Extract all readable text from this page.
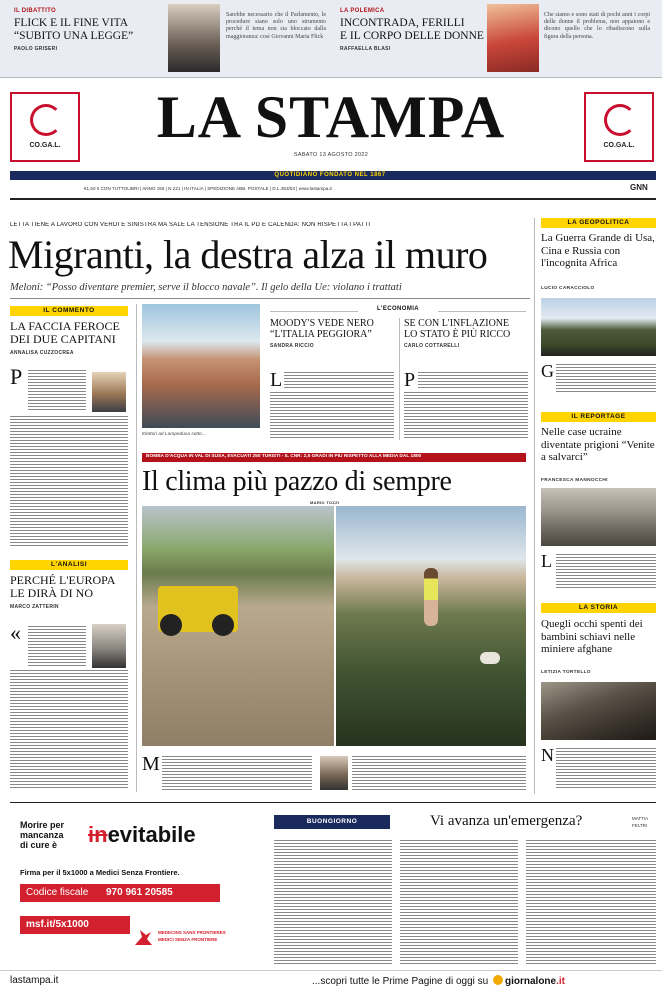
IL DIBATTITO
FLICK E IL FINE VITA
“SUBITO UNA LEGGE”
PAOLO GRISERI
Sarebbe necessario che il Parlamento, le procedure siano solo uno strumento perché il tema non sia bloccato dalla maggioranza: così Giovanni Maria Flick
LA POLEMICA
INCONTRADA, FERILLI
E IL CORPO DELLE DONNE
RAFFAELLA BLASI
Che siamo e sono stati di pochi anni i corpi delle donne il problema, non appaiono e dicono quello che lo ribadiscono sulla figura della persona.
CO.GA.L.	CO.GA.L.
LA STAMPA
SABATO 13 AGOSTO 2022
QUOTIDIANO FONDATO NEL 1867
€1,50 II CON TUTTOLIBRI | ANNO 156 | N.221 | IN ITALIA | SPEDIZIONE ABB. POSTALE | D.L.353/03 | www.lastampa.it	GNN
LETTA TIENE A LAVORO CON VERDI E SINISTRA MA SALE LA TENSIONE TRA IL PD E CALENDA: NON RISPETTA I PATTI
Migranti, la destra alza il muro
Meloni: “Posso diventare premier, serve il blocco navale”. Il gelo della Ue: violano i trattati
IL COMMENTO
LA FACCIA FEROCE
DEI DUE CAPITANI
ANNALISA CUZZOCREA
P
L'ANALISI
PERCHÉ L'EUROPA
LE DIRÀ DI NO
MARCO ZATTERIN
«
Elettori ad Lampedusa sotto...
L'ECONOMIA
MOODY'S VEDE NERO
“L'ITALIA PEGGIORA”
SANDRA RICCIO
L
SE CON L'INFLAZIONE
LO STATO È PIÙ RICCO
CARLO COTTARELLI
P
BOMBA D'ACQUA IN VAL DI SUSA, EVACUATI 250 TURISTI - IL CNR: 2,5 GRADI IN PIÙ RISPETTO ALLA MEDIA DAL 1800
Il clima più pazzo di sempre
MARIO TOZZI
M
LA GEOPOLITICA
La Guerra Grande di Usa, Cina e Russia con l'incognita Africa
LUCIO CARACCIOLO
G
IL REPORTAGE
Nelle case ucraine diventate prigioni “Venite a salvarci”
FRANCESCA MANNOCCHI
L
LA STORIA
Quegli occhi spenti dei bambini schiavi nelle miniere afghane
LETIZIA TORTELLO
N
Morire per
mancanza
di cure è inevitabile
Firma per il 5x1000 a Medici Senza Frontiere.
Codice fiscale 970 961 20585
msf.it/5x1000
MEDECINS SANS FRONTIERES
MEDICI SENZA FRONTIERE
BUONGIORNO	Vi avanza un'emergenza?	MATTIA
FELTRI
lastampa.it	...scopri tutte le Prime Pagine di oggi su giornalone.it
